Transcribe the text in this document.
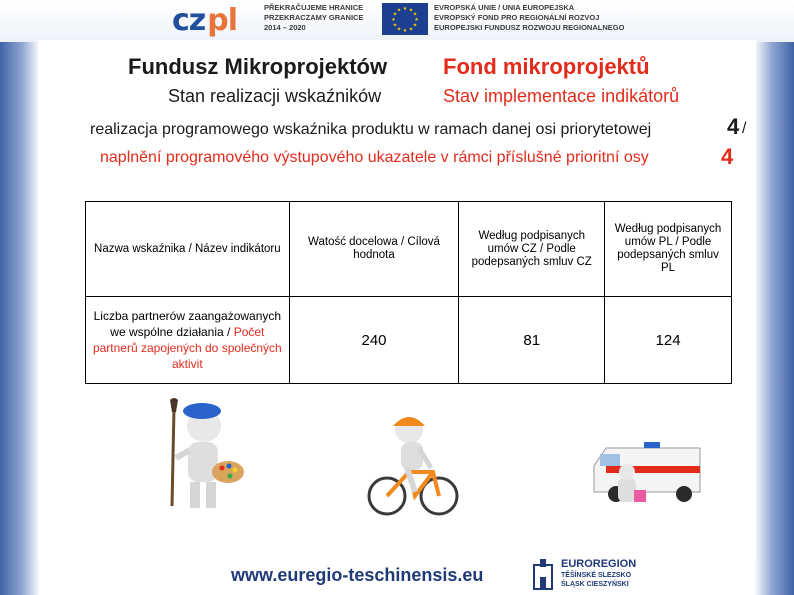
cz pl	PŘEKRAČUJEME HRANICE
PRZEKRACZAMY GRANICE
2014 – 2020
★ ★
★
★
★
★
★
★
★
★
★
★	EVROPSKÁ UNIE / UNIA EUROPEJSKA
EVROPSKÝ FOND PRO REGIONÁLNÍ ROZVOJ
EUROPEJSKI FUNDUSZ ROZWOJU REGIONALNEGO
Fundusz Mikroprojektów	Fond mikroprojektů
Stan realizacji wskaźników	Stav implementace indikátorů
realizacja programowego wskaźnika produktu w ramach danej osi priorytetowej	4 /
naplnění programového výstupového ukazatele v rámci příslušné prioritní osy	4
Nazwa wskaźnika / Název indikátoru	Watość docelowa / Cílová hodnota	Według podpisanych umów CZ / Podle podepsaných smluv CZ	Według podpisanych umów PL / Podle podepsaných smluv PL
Liczba partnerów zaangażowanych we wspólne działania / Počet partnerů zapojených do společných aktivit	240	81	124
www.euregio-teschinensis.eu
EUROREGION
TĚŠÍNSKÉ SLEZSKO
ŚLĄSK CIESZYŃSKI
